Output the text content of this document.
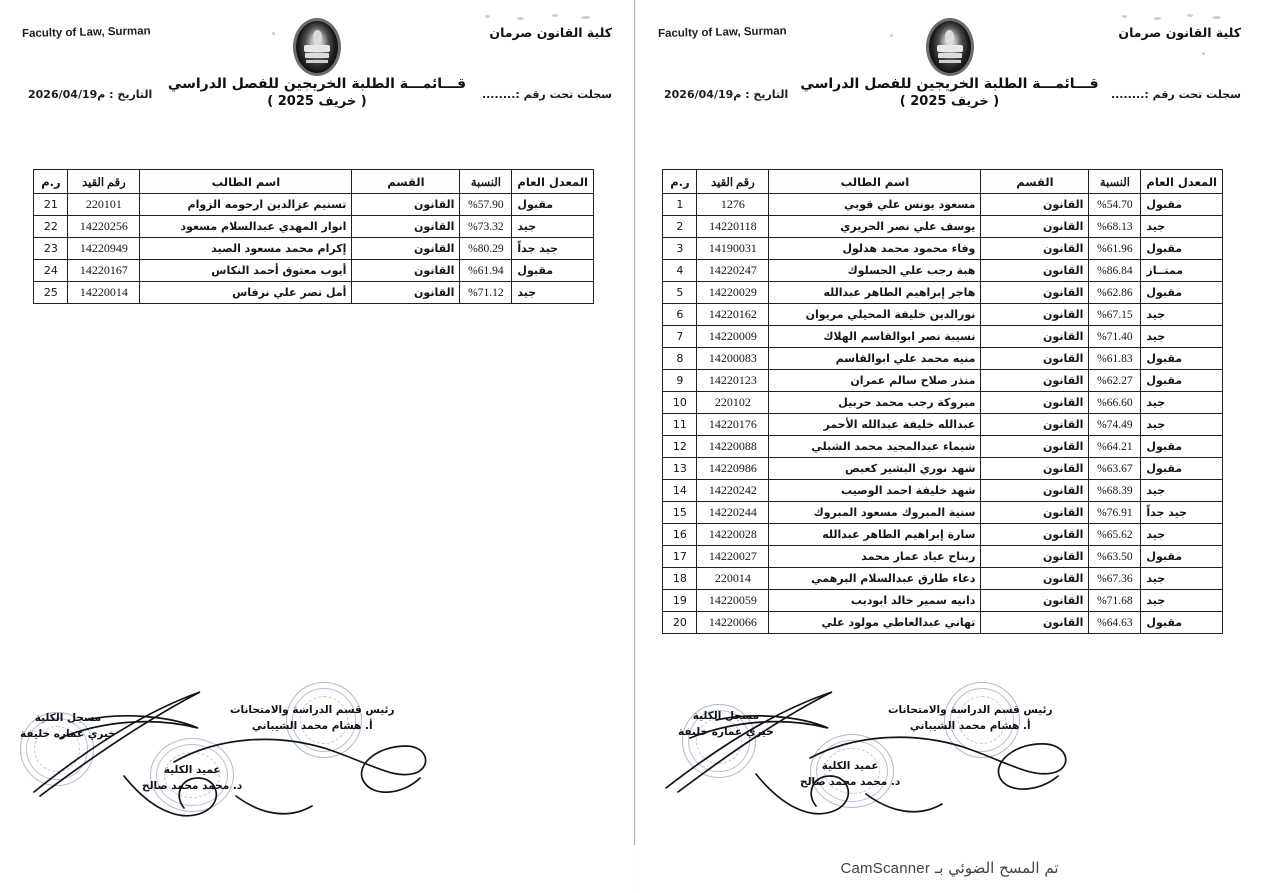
كلية القانون صرمان
Faculty of Law, Surman
سجلت تحت رقم :........
قـــائمـــة الطلبة الخريجين للفصل الدراسي
( خريف 2025 )
التاريخ : 2026/04/19م
المعدل العام	النسبة	القسم	اسم الطالب	رقم القيد	ر.م
مقبول	%54.70	القانون	مسعود يونس علي قوبي	1276	1
جيد	%68.13	القانون	يوسف علي نصر الحريري	14220118	2
مقبول	%61.96	القانون	وفاء محمود محمد هدلول	14190031	3
ممتــاز	%86.84	القانون	هبة رجب علي الحسلوك	14220247	4
مقبول	%62.86	القانون	هاجر إبراهيم الطاهر عبدالله	14220029	5
جيد	%67.15	القانون	نورالدين خليفة المحيلي مريوان	14220162	6
جيد	%71.40	القانون	نسيبة نصر ابوالقاسم الهلاك	14220009	7
مقبول	%61.83	القانون	منيه محمد علي ابوالقاسم	14200083	8
مقبول	%62.27	القانون	منذر صلاح سالم عمران	14220123	9
جيد	%66.60	القانون	مبروكة رجب محمد حربيل	220102	10
جيد	%74.49	القانون	عبدالله خليفة عبدالله الأحمر	14220176	11
مقبول	%64.21	القانون	شيماء عبدالمجيد محمد الشبلي	14220088	12
مقبول	%63.67	القانون	شهد نوري البشير كعبص	14220986	13
جيد	%68.39	القانون	شهد خليفة احمد الوصيب	14220242	14
جيد جداً	%76.91	القانون	سنية المبروك مسعود المبروك	14220244	15
جيد	%65.62	القانون	سارة إبراهيم الطاهر عبدالله	14220028	16
مقبول	%63.50	القانون	ربناح عياد عمار محمد	14220027	17
جيد	%67.36	القانون	دعاء طارق عبدالسلام البرهمي	220014	18
جيد	%71.68	القانون	دانيه سمير خالد ابوديب	14220059	19
مقبول	%64.63	القانون	تهاني عبدالعاطي مولود علي	14220066	20
رئيس قسم الدراسة والامتحانات
أ. هشام محمد الشيباني
مسجل الكلية
خيري عماره خليفة
عميد الكلية
د. محمد محمد صالح
تم المسح الضوئي بـ CamScanner
كلية القانون صرمان
Faculty of Law, Surman
سجلت تحت رقم :........
قـــائمـــة الطلبة الخريجين للفصل الدراسي
( خريف 2025 )
التاريخ : 2026/04/19م
المعدل العام	النسبة	القسم	اسم الطالب	رقم القيد	ر.م
مقبول	%57.90	القانون	تسنيم عزالدين ارحومه الزوام	220101	21
جيد	%73.32	القانون	انوار المهدي عبدالسلام مسعود	14220256	22
جيد جداً	%80.29	القانون	إكرام محمد مسعود الصيد	14220949	23
مقبول	%61.94	القانون	أيوب معتوق أحمد النكاس	14220167	24
جيد	%71.12	القانون	أمل نصر علي نرفاس	14220014	25
رئيس قسم الدراسة والامتحانات
أ. هشام محمد الشيباني
مسجل الكلية
خيري عماره خليفة
عميد الكلية
د. محمد محمد صالح
